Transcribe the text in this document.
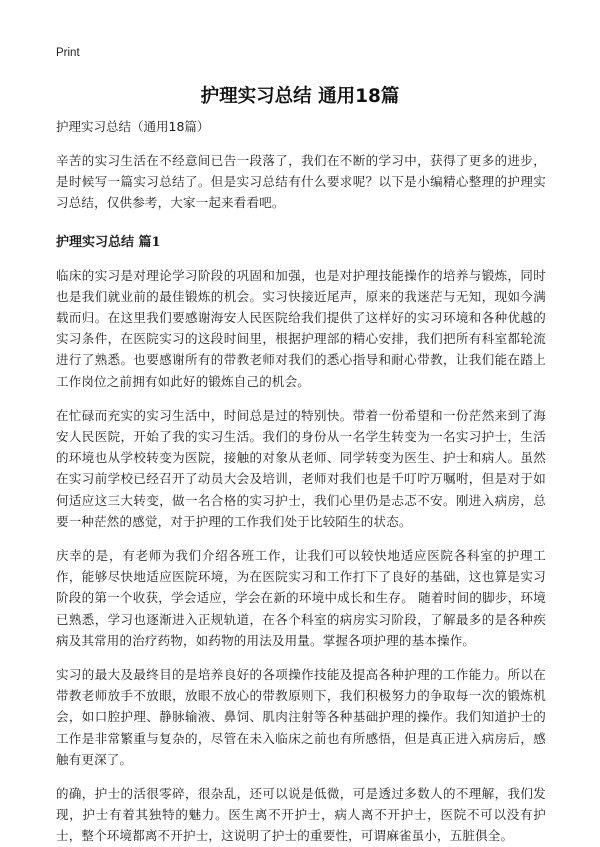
Print
护理实习总结 通用18篇

护理实习总结（通用18篇）

辛苦的实习生活在不经意间已告一段落了，我们在不断的学习中，获得了更多的进步，是时候写一篇实习总结了。但是实习总结有什么要求呢？以下是小编精心整理的护理实习总结，仅供参考，大家一起来看看吧。

护理实习总结 篇1

临床的实习是对理论学习阶段的巩固和加强，也是对护理技能操作的培养与锻炼，同时也是我们就业前的最佳锻炼的机会。实习快接近尾声，原来的我迷茫与无知，现如今满载而归。在这里我们要感谢海安人民医院给我们提供了这样好的实习环境和各种优越的实习条件，在医院实习的这段时间里，根据护理部的精心安排，我们把所有科室都轮流进行了熟悉。也要感谢所有的带教老师对我们的悉心指导和耐心带教，让我们能在踏上工作岗位之前拥有如此好的锻炼自己的机会。

在忙碌而充实的实习生活中，时间总是过的特别快。带着一份希望和一份茫然来到了海安人民医院，开始了我的实习生活。我们的身份从一名学生转变为一名实习护士，生活的环境也从学校转变为医院，接触的对象从老师、同学转变为医生、护士和病人。虽然在实习前学校已经召开了动员大会及培训，老师对我们也是千叮咛万嘱咐，但是对于如何适应这三大转变，做一名合格的实习护士，我们心里仍是忐忑不安。刚进入病房，总要一种茫然的感觉，对于护理的工作我们处于比较陌生的状态。

庆幸的是，有老师为我们介绍各班工作，让我们可以较快地适应医院各科室的护理工作，能够尽快地适应医院环境，为在医院实习和工作打下了良好的基础，这也算是实习阶段的第一个收获，学会适应，学会在新的环境中成长和生存。 随着时间的脚步，环境已熟悉，学习也逐渐进入正规轨道，在各个科室的病房实习阶段，了解最多的是各种疾病及其常用的治疗药物，如药物的用法及用量。掌握各项护理的基本操作。

实习的最大及最终目的是培养良好的各项操作技能及提高各种护理的工作能力。所以在带教老师放手不放眼，放眼不放心的带教原则下，我们积极努力的争取每一次的锻炼机会，如口腔护理、静脉输液、鼻饲、肌肉注射等各种基础护理的操作。我们知道护士的工作是非常繁重与复杂的，尽管在未入临床之前也有所感悟，但是真正进入病房后，感触有更深了。

的确，护士的活很零碎，很杂乱，还可以说是低微，可是透过多数人的不理解，我们发现，护士有着其独特的魅力。医生离不开护士，病人离不开护士，医院不可以没有护士，整个环境都离不开护士，这说明了护士的重要性，可谓麻雀虽小，五脏俱全。
